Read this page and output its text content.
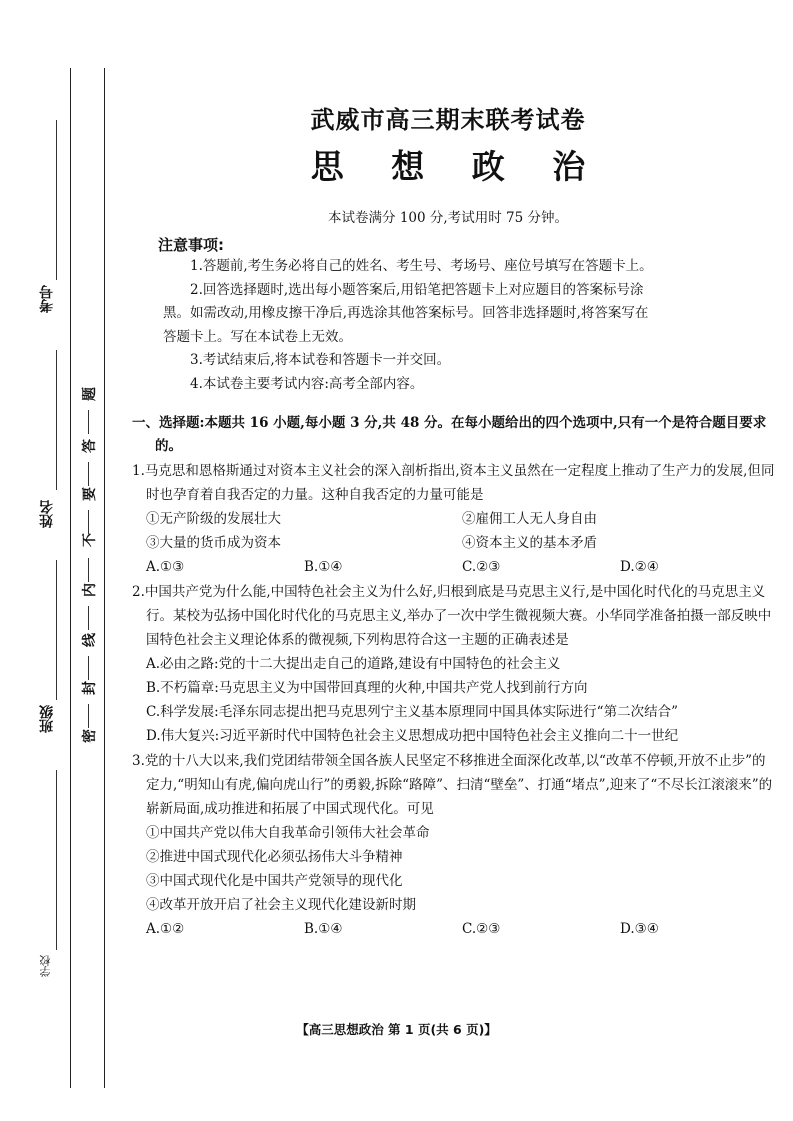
考号
姓名
班级
学校
题
答
要
不
内
线
封
密
武威市高三期末联考试卷
思 想 政 治
本试卷满分 100 分,考试用时 75 分钟。
注意事项:

1.答题前,考生务必将自己的姓名、考生号、考场号、座位号填写在答题卡上。

2.回答选择题时,选出每小题答案后,用铅笔把答题卡上对应题目的答案标号涂

黑。如需改动,用橡皮擦干净后,再选涂其他答案标号。回答非选择题时,将答案写在

答题卡上。写在本试卷上无效。

3.考试结束后,将本试卷和答题卡一并交回。

4.本试卷主要考试内容:高考全部内容。

一、选择题:本题共 16 小题,每小题 3 分,共 48 分。在每小题给出的四个选项中,只有一个是符合题目要求的。
1.马克思和恩格斯通过对资本主义社会的深入剖析指出,资本主义虽然在一定程度上推动了生产力的发展,但同时也孕育着自我否定的力量。这种自我否定的力量可能是
①无产阶级的发展壮大	②雇佣工人无人身自由
③大量的货币成为资本	④资本主义的基本矛盾
A.①③	B.①④	C.②③	D.②④
2.中国共产党为什么能,中国特色社会主义为什么好,归根到底是马克思主义行,是中国化时代化的马克思主义行。某校为弘扬中国化时代化的马克思主义,举办了一次中学生微视频大赛。小华同学准备拍摄一部反映中国特色社会主义理论体系的微视频,下列构思符合这一主题的正确表述是
A.必由之路:党的十二大提出走自己的道路,建设有中国特色的社会主义
B.不朽篇章:马克思主义为中国带回真理的火种,中国共产党人找到前行方向
C.科学发展:毛泽东同志提出把马克思列宁主义基本原理同中国具体实际进行“第二次结合”
D.伟大复兴:习近平新时代中国特色社会主义思想成功把中国特色社会主义推向二十一世纪
3.党的十八大以来,我们党团结带领全国各族人民坚定不移推进全面深化改革,以“改革不停顿,开放不止步”的定力,“明知山有虎,偏向虎山行”的勇毅,拆除“路障”、扫清“壁垒”、打通“堵点”,迎来了“不尽长江滚滚来”的崭新局面,成功推进和拓展了中国式现代化。可见
①中国共产党以伟大自我革命引领伟大社会革命
②推进中国式现代化必须弘扬伟大斗争精神
③中国式现代化是中国共产党领导的现代化
④改革开放开启了社会主义现代化建设新时期
A.①②	B.①④	C.②③	D.③④
【高三思想政治 第 1 页(共 6 页)】
